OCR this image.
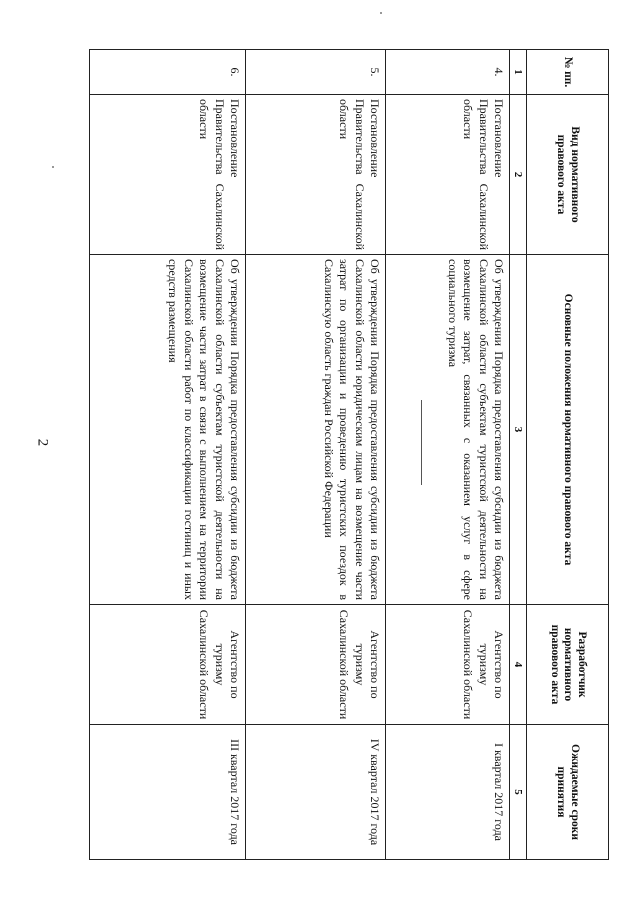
2
№ пп.	Вид нормативного правового акта	Основные положения нормативного правового акта	Разработчик нормативного правового акта	Ожидаемые сроки принятия
1	2	3	4	5
4.	Постановление Правительства Сахалинской области	Об утверждении Порядка предоставления субсидии из бюджета Сахалинской области субъектам туристской деятельности на возмещение затрат, связанных с оказанием услуг в сфере социального туризма	Агентство по туризму Сахалинской области	I квартал 2017 года
5.	Постановление Правительства Сахалинской области	Об утверждении Порядка предоставления субсидии из бюджета Сахалинской области юридическим лицам на возмещение части затрат по организации и проведению туристских поездок в Сахалинскую область граждан Российской Федерации	Агентство по туризму Сахалинской области	IV квартал 2017 года
6.	Постановление Правительства Сахалинской области	Об утверждении Порядка предоставления субсидии из бюджета Сахалинской области субъектам туристской деятельности на возмещение части затрат в связи с выполнением на территории Сахалинской области работ по классификации гостиниц и иных средств размещения	Агентство по туризму Сахалинской области	III квартал 2017 года
